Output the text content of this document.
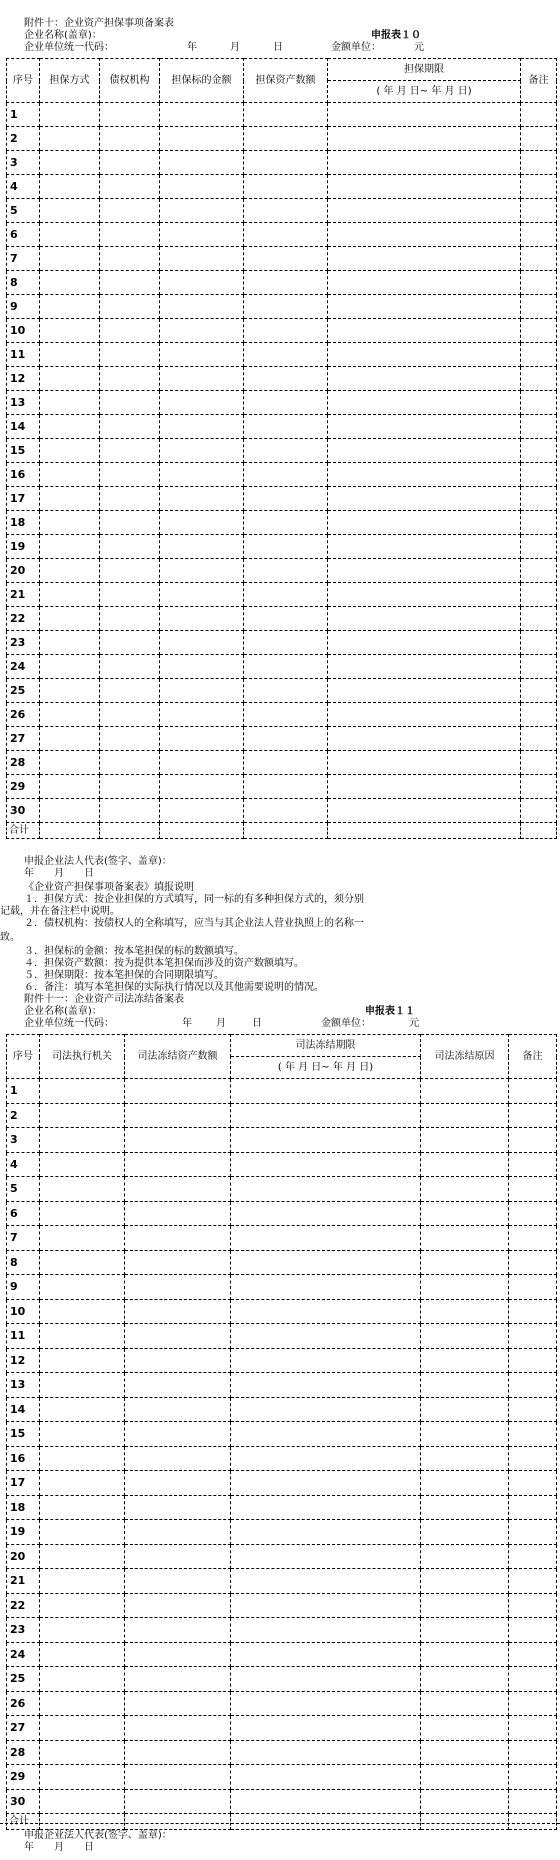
附件十：企业资产担保事项备案表
企业名称(盖章)：	申报表１０
企业单位统一代码：	年	月	日	金额单位：	元
序号	担保方式	债权机构	担保标的金额	担保资产数额	担保期限	备注
					( 年 月 日~ 年 月 日)	
1						
2						
3						
4						
5						
6						
7						
8						
9						
10						
11						
12						
13						
14						
15						
16						
17						
18						
19						
20						
21						
22						
23						
24						
25						
26						
27						
28						
29						
30						
合计						
申报企业法人代表(签字、盖章)：
年　　月　　日
《企业资产担保事项备案表》填报说明
１．担保方式：按企业担保的方式填写，同一标的有多种担保方式的，须分别
记载，并在备注栏中说明。
２．债权机构：按债权人的全称填写，应当与其企业法人营业执照上的名称一
致。
３．担保标的金额：按本笔担保的标的数额填写。
４．担保资产数额：按为提供本笔担保而涉及的资产数额填写。
５．担保期限：按本笔担保的合同期限填写。
６．备注：填写本笔担保的实际执行情况以及其他需要说明的情况。
附件十一：企业资产司法冻结备案表
企业名称(盖章)：	申报表１１
企业单位统一代码：	年 月	日	金额单位：	元
序号	司法执行机关	司法冻结资产数额	司法冻结期限	司法冻结原因	备注
			( 年 月 日~ 年 月 日)		
1					
2					
3					
4					
5					
6					
7					
8					
9					
10					
11					
12					
13					
14					
15					
16					
17					
18					
19					
20					
21					
22					
23					
24					
25					
26					
27					
28					
29					
30					
合计					
申报企业法人代表(签字、盖章)：
年　　月　　日
